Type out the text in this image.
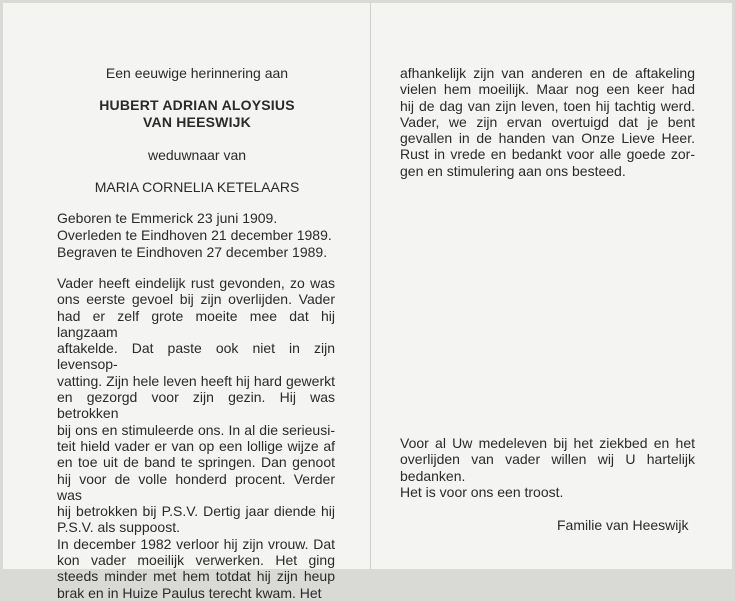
Een eeuwige herinnering aan
HUBERT ADRIAN ALOYSIUS
VAN HEESWIJK
weduwnaar van
MARIA CORNELIA KETELAARS
Geboren te Emmerick 23 juni 1909.
Overleden te Eindhoven 21 december 1989.
Begraven te Eindhoven 27 december 1989.
Vader heeft eindelijk rust gevonden, zo was
ons eerste gevoel bij zijn overlijden. Vader
had er zelf grote moeite mee dat hij langzaam
aftakelde. Dat paste ook niet in zijn levensop-
vatting. Zijn hele leven heeft hij hard gewerkt
en gezorgd voor zijn gezin. Hij was betrokken
bij ons en stimuleerde ons. In al die serieusi-
teit hield vader er van op een lollige wijze af
en toe uit de band te springen. Dan genoot
hij voor de volle honderd procent. Verder was
hij betrokken bij P.S.V. Dertig jaar diende hij
P.S.V. als suppoost.
In december 1982 verloor hij zijn vrouw. Dat
kon vader moeilijk verwerken. Het ging
steeds minder met hem totdat hij zijn heup
brak en in Huize Paulus terecht kwam. Het
afhankelijk zijn van anderen en de aftakeling
vielen hem moeilijk. Maar nog een keer had
hij de dag van zijn leven, toen hij tachtig werd.
Vader, we zijn ervan overtuigd dat je bent
gevallen in de handen van Onze Lieve Heer.
Rust in vrede en bedankt voor alle goede zor-
gen en stimulering aan ons besteed.
Voor al Uw medeleven bij het ziekbed en het
overlijden van vader willen wij U hartelijk
bedanken.
Het is voor ons een troost.
Familie van Heeswijk
